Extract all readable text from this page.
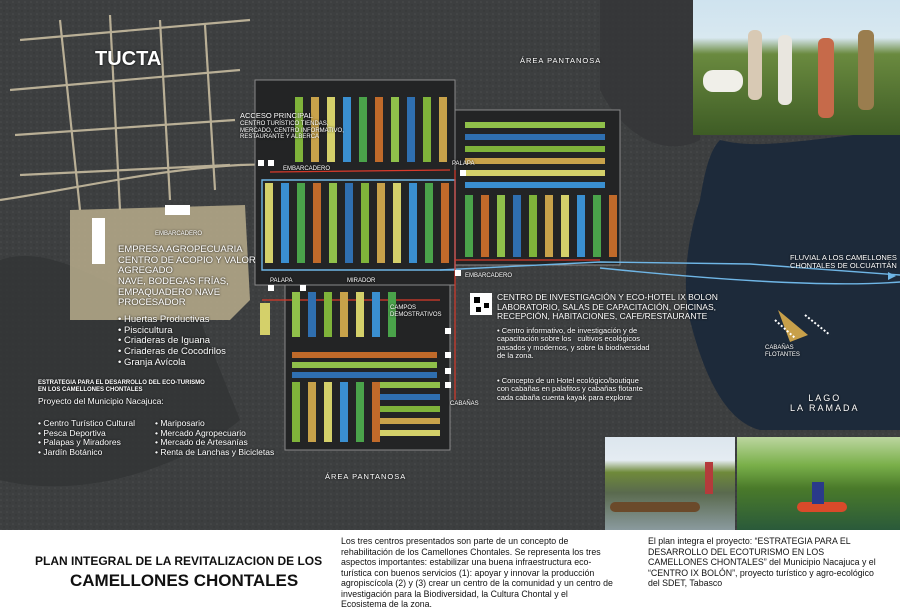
TUCTA	ÁREA PANTANOSA
ÁREA PANTANOSA
LAGO
LA RAMADA
ACCESO PRINCIPAL
CENTRO TURÍSTICO TIENDAS,
MERCADO, CENTRO INFORMATIVO,
RESTAURANTE Y ALBERCA
EMBARCADERO
EMBARCADERO
EMBARCADERO
PALAPA
PALAPA	MIRADOR
CAMPOS
DEMOSTRATIVOS
CABAÑAS
CABAÑAS
FLOTANTES
FLUVIAL A LOS CAMELLONES
CHONTALES DE OLCUATITÁN
EMPRESA AGROPECUARIA
CENTRO DE ACOPIO Y VALOR
AGREGADO
NAVE, BODEGAS FRÍAS,
EMPAQUADERO NAVE
PROCESADOR
• Huertas Productivas
• Piscicultura
• Criaderas de Iguana
• Criaderas de Cocodrilos
• Granja Avícola
ESTRATEGIA PARA EL DESARROLLO DEL ECO-TURISMO
EN LOS CAMELLONES CHONTALES
Proyecto del Municipio Nacajuca:
• Centro Turístico Cultural
• Pesca Deportiva
• Palapas y Miradores
• Jardín Botánico
• Mariposario
• Mercado Agropecuario
• Mercado de Artesanías
• Renta de Lanchas y Bicicletas
CENTRO DE INVESTIGACIÓN Y ECO-HOTEL IX BOLON
LABORATORIO, SALAS DE CAPACITACIÓN, OFICINAS,
RECEPCIÓN, HABITACIONES, CAFE/RESTAURANTE
• Centro informativo, de investigación y de
capacitación sobre los   cultivos ecológicos
pasados y modernos, y sobre la biodiversidad
de la zona.
• Concepto de un Hotel ecológico/boutique
con cabañas en palafitos y cabañas flotante
cada cabaña cuenta kayak para explorar
PLAN INTEGRAL DE LA REVITALIZACION DE LOS
CAMELLONES CHONTALES
Los tres centros presentados son parte de un concepto de rehabilitación de los Camellones Chontales. Se representa los tres aspectos importantes: estabilizar una buena infraestructura eco-turística con buenos servicios (1): apoyar y innovar la producción agropiscícola (2) y (3) crear un centro de la comunidad y un centro de investigación para la Biodiversidad, la Cultura Chontal y el Ecosistema de la zona.
El plan integra el proyecto: “ESTRATEGIA PARA EL DESARROLLO DEL ECOTURISMO EN LOS CAMELLONES CHONTALES” del Municipio Nacajuca y el “CENTRO IX BOLÓN”, proyecto turístico y agro-ecológico del SDET, Tabasco
